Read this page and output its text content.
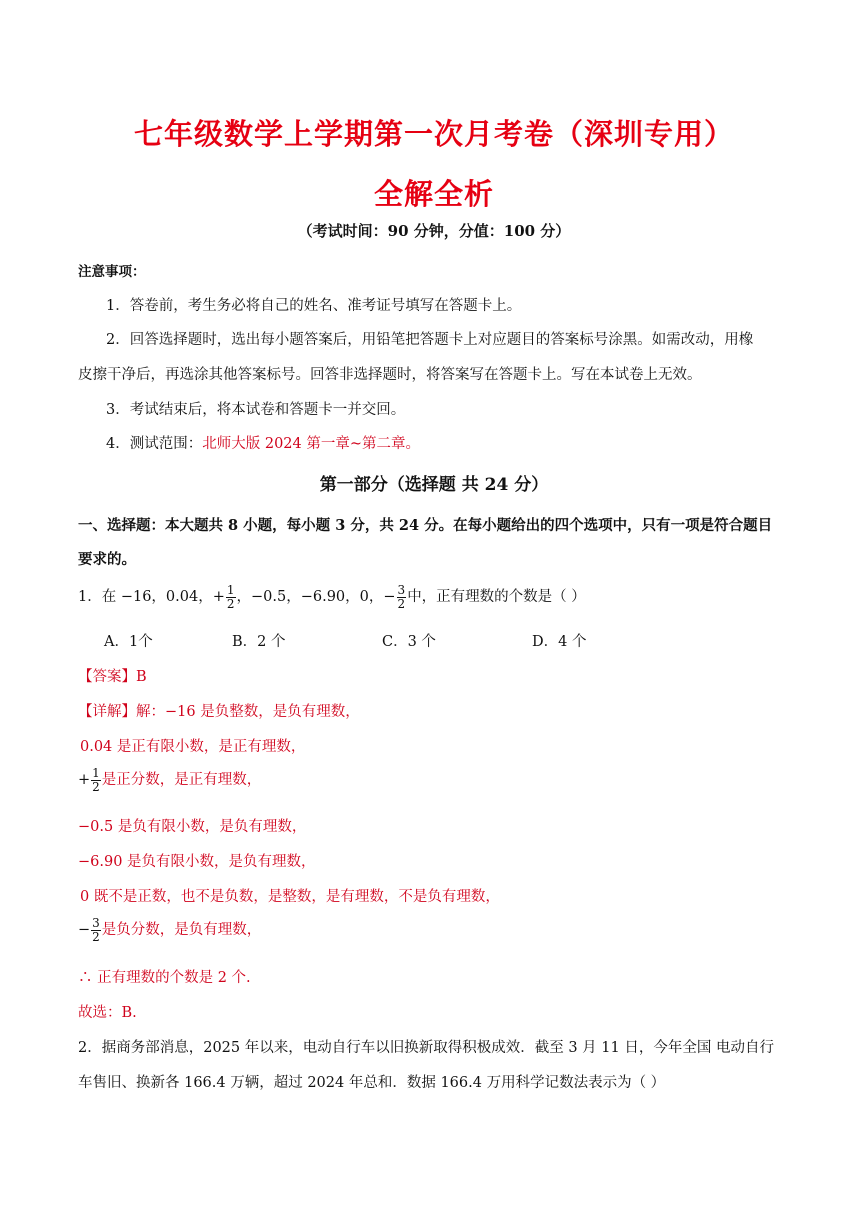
七年级数学上学期第一次月考卷（深圳专用）
全解全析
（考试时间：90 分钟，分值：100 分）
注意事项：
1．答卷前，考生务必将自己的姓名、准考证号填写在答题卡上。
2．回答选择题时，选出每小题答案后，用铅笔把答题卡上对应题目的答案标号涂黑。如需改动，用橡
皮擦干净后，再选涂其他答案标号。回答非选择题时，将答案写在答题卡上。写在本试卷上无效。
3．考试结束后，将本试卷和答题卡一并交回。
4．测试范围：北师大版 2024 第一章~第二章。
第一部分（选择题 共 24 分）
一、选择题：本大题共 8 小题，每小题 3 分，共 24 分。在每小题给出的四个选项中，只有一项是符合题目
要求的。
1．在 −16，0.04，+ $\frac{1}{2}$ ，−0.5，−6.90，0，− $\frac{3}{2}$ 中，正有理数的个数是（ ）
A．1个	B．2 个	C．3 个	D．4 个
【答案】B
【详解】解：−16 是负整数，是负有理数，
0.04 是正有限小数，是正有理数，
+ $\frac{1}{2}$ 是正分数，是正有理数，
−0.5 是负有限小数，是负有理数，
−6.90 是负有限小数，是负有理数，
0 既不是正数，也不是负数，是整数，是有理数，不是负有理数，
− $\frac{3}{2}$ 是负分数，是负有理数，
∴ 正有理数的个数是 2 个.
故选：B.
2．据商务部消息，2025 年以来，电动自行车以旧换新取得积极成效．截至 3 月 11 日，今年全国 电动自行
车售旧、换新各 166.4 万辆，超过 2024 年总和．数据 166.4 万用科学记数法表示为（ ）
